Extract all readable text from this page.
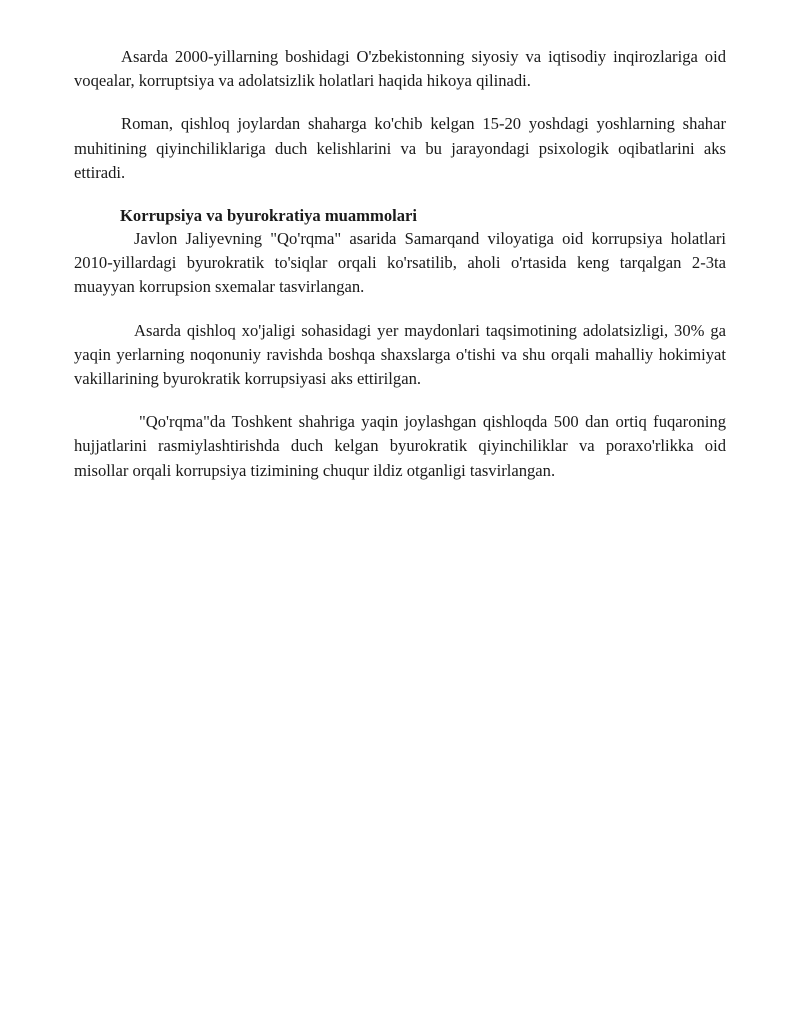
Asarda 2000-yillarning boshidagi O'zbekistonning siyosiy va iqtisodiy inqirozlariga oid voqealar, korruptsiya va adolatsizlik holatlari haqida hikoya qilinadi.

Roman, qishloq joylardan shaharga ko'chib kelgan 15-20 yoshdagi yoshlarning shahar muhitining qiyinchiliklariga duch kelishlarini va bu jarayondagi psixologik oqibatlarini aks ettiradi.

Korrupsiya va byurokratiya muammolari

Javlon Jaliyevning "Qo'rqma" asarida Samarqand viloyatiga oid korrupsiya holatlari 2010-yillardagi byurokratik to'siqlar orqali ko'rsatilib, aholi o'rtasida keng tarqalgan 2-3ta muayyan korrupsion sxemalar tasvirlangan.

Asarda qishloq xo'jaligi sohasidagi yer maydonlari taqsimotining adolatsizligi, 30% ga yaqin yerlarning noqonuniy ravishda boshqa shaxslarga o'tishi va shu orqali mahalliy hokimiyat vakillarining byurokratik korrupsiyasi aks ettirilgan.

"Qo'rqma"da Toshkent shahriga yaqin joylashgan qishloqda 500 dan ortiq fuqaroning hujjatlarini rasmiylashtirishda duch kelgan byurokratik qiyinchiliklar va poraxo'rlikka oid misollar orqali korrupsiya tizimining chuqur ildiz otganligi tasvirlangan.
